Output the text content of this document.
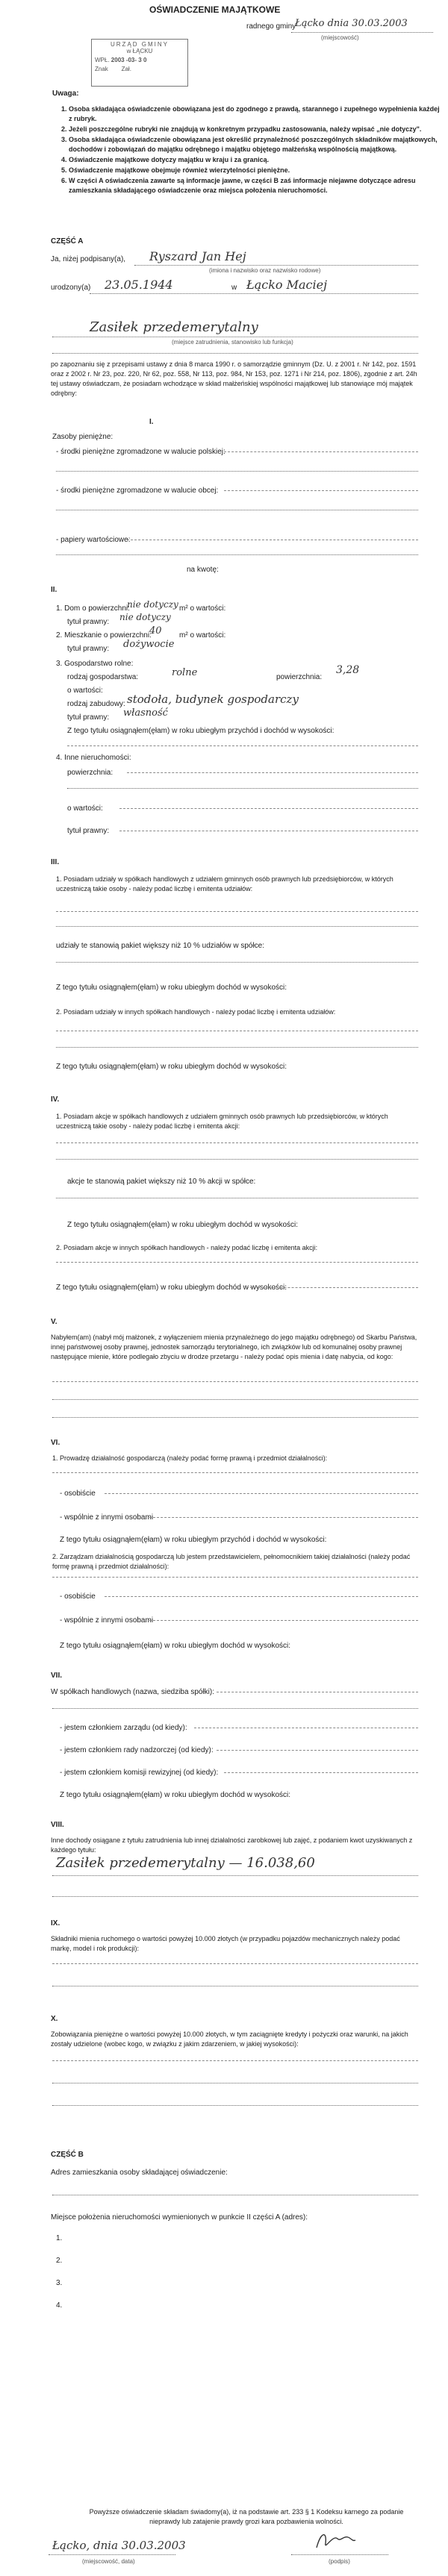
OŚWIADCZENIE MAJĄTKOWE
radnego gminy
Łącko dnia 30.03.2003
(miejscowość)
URZĄD GMINY
w ŁĄCKU
WPŁ. 2003 -03- 3 0
Znak Zał.
Uwaga:
1. Osoba składająca oświadczenie obowiązana jest do zgodnego z prawdą, starannego i zupełnego wypełnienia każdej z rubryk.
2. Jeżeli poszczególne rubryki nie znajdują w konkretnym przypadku zastosowania, należy wpisać „nie dotyczy".
3. Osoba składająca oświadczenie obowiązana jest określić przynależność poszczególnych składników majątkowych, dochodów i zobowiązań do majątku odrębnego i majątku objętego małżeńską wspólnością majątkową.
4. Oświadczenie majątkowe dotyczy majątku w kraju i za granicą.
5. Oświadczenie majątkowe obejmuje również wierzytelności pieniężne.
6. W części A oświadczenia zawarte są informacje jawne, w części B zaś informacje niejawne dotyczące adresu zamieszkania składającego oświadczenie oraz miejsca położenia nieruchomości.
CZĘŚĆ A
Ja, niżej podpisany(a), Ryszard Jan Hej
(imiona i nazwisko oraz nazwisko rodowe)
urodzony(a) 23.05.1944	w Łącko Maciej
Zasiłek przedemerytalny
(miejsce zatrudnienia, stanowisko lub funkcja)
po zapoznaniu się z przepisami ustawy z dnia 8 marca 1990 r. o samorządzie gminnym (Dz. U. z 2001 r. Nr 142, poz. 1591 oraz z 2002 r. Nr 23, poz. 220, Nr 62, poz. 558, Nr 113, poz. 984, Nr 153, poz. 1271 i Nr 214, poz. 1806), zgodnie z art. 24h tej ustawy oświadczam, że posiadam wchodzące w skład małżeńskiej wspólności majątkowej lub stanowiące mój majątek odrębny:
I.
Zasoby pieniężne:
- środki pieniężne zgromadzone w walucie polskiej:
- środki pieniężne zgromadzone w walucie obcej:
- papiery wartościowe:
na kwotę:
II.
1. Dom o powierzchni:
nie dotyczy m² o wartości:
tytuł prawny: nie dotyczy
2. Mieszkanie o powierzchni:
40 m² o wartości:
tytuł prawny: dożywocie
3. Gospodarstwo rolne:
rodzaj gospodarstwa:	rolne	powierzchnia:
3,28
o wartości:
rodzaj zabudowy: stodoła, budynek gospodarczy
tytuł prawny: własność
Z tego tytułu osiągnąłem(ęłam) w roku ubiegłym przychód i dochód w wysokości:
4. Inne nieruchomości:
powierzchnia:
o wartości:
tytuł prawny:
III.
1. Posiadam udziały w spółkach handlowych z udziałem gminnych osób prawnych lub przedsiębiorców, w których uczestniczą takie osoby - należy podać liczbę i emitenta udziałów:
udziały te stanowią pakiet większy niż 10 % udziałów w spółce:
Z tego tytułu osiągnąłem(ęłam) w roku ubiegłym dochód w wysokości:
2. Posiadam udziały w innych spółkach handlowych - należy podać liczbę i emitenta udziałów:
Z tego tytułu osiągnąłem(ęłam) w roku ubiegłym dochód w wysokości:
IV.
1. Posiadam akcje w spółkach handlowych z udziałem gminnych osób prawnych lub przedsiębiorców, w których uczestniczą takie osoby - należy podać liczbę i emitenta akcji:
akcje te stanowią pakiet większy niż 10 % akcji w spółce:
Z tego tytułu osiągnąłem(ęłam) w roku ubiegłym dochód w wysokości:
2. Posiadam akcje w innych spółkach handlowych - należy podać liczbę i emitenta akcji:
Z tego tytułu osiągnąłem(ęłam) w roku ubiegłym dochód w wysokości:
V.
Nabyłem(am) (nabył mój małżonek, z wyłączeniem mienia przynależnego do jego majątku odrębnego) od Skarbu Państwa, innej państwowej osoby prawnej, jednostek samorządu terytorialnego, ich związków lub od komunalnej osoby prawnej następujące mienie, które podlegało zbyciu w drodze przetargu - należy podać opis mienia i datę nabycia, od kogo:
VI.
1. Prowadzę działalność gospodarczą (należy podać formę prawną i przedmiot działalności):
- osobiście
- wspólnie z innymi osobami
Z tego tytułu osiągnąłem(ęłam) w roku ubiegłym przychód i dochód w wysokości:
2. Zarządzam działalnością gospodarczą lub jestem przedstawicielem, pełnomocnikiem takiej działalności (należy podać formę prawną i przedmiot działalności):
- osobiście
- wspólnie z innymi osobami
Z tego tytułu osiągnąłem(ęłam) w roku ubiegłym dochód w wysokości:
VII.
W spółkach handlowych (nazwa, siedziba spółki):
- jestem członkiem zarządu (od kiedy):
- jestem członkiem rady nadzorczej (od kiedy):
- jestem członkiem komisji rewizyjnej (od kiedy):
Z tego tytułu osiągnąłem(ęłam) w roku ubiegłym dochód w wysokości:
VIII.
Inne dochody osiągane z tytułu zatrudnienia lub innej działalności zarobkowej lub zajęć, z podaniem kwot uzyskiwanych z każdego tytułu:
Zasiłek przedemerytalny — 16.038,60
IX.
Składniki mienia ruchomego o wartości powyżej 10.000 złotych (w przypadku pojazdów mechanicznych należy podać markę, model i rok produkcji):
X.
Zobowiązania pieniężne o wartości powyżej 10.000 złotych, w tym zaciągnięte kredyty i pożyczki oraz warunki, na jakich zostały udzielone (wobec kogo, w związku z jakim zdarzeniem, w jakiej wysokości):
CZĘŚĆ B
Adres zamieszkania osoby składającej oświadczenie:
Miejsce położenia nieruchomości wymienionych w punkcie II części A (adres):
1.
2.
3.
4.
Powyższe oświadczenie składam świadomy(a), iż na podstawie art. 233 § 1 Kodeksu karnego za podanie nieprawdy lub zatajenie prawdy grozi kara pozbawienia wolności.
Łącko, dnia 30.03.2003
(miejscowość, data)	(podpis)
